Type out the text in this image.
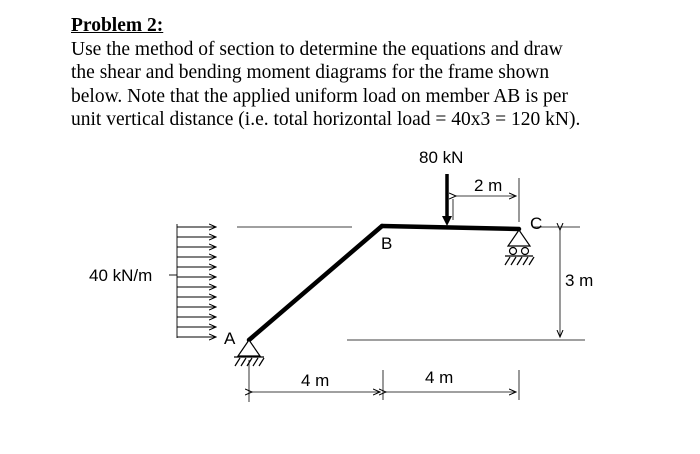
Problem 2:

Use the method of section to determine the equations and draw

the shear and bending moment diagrams for the frame shown

below. Note that the applied uniform load on member AB is per

unit vertical distance (i.e. total horizontal load = 40x3 = 120 kN).

80 kN
40 kN/m
A
B
C
2 m
3 m
4 m	4 m
